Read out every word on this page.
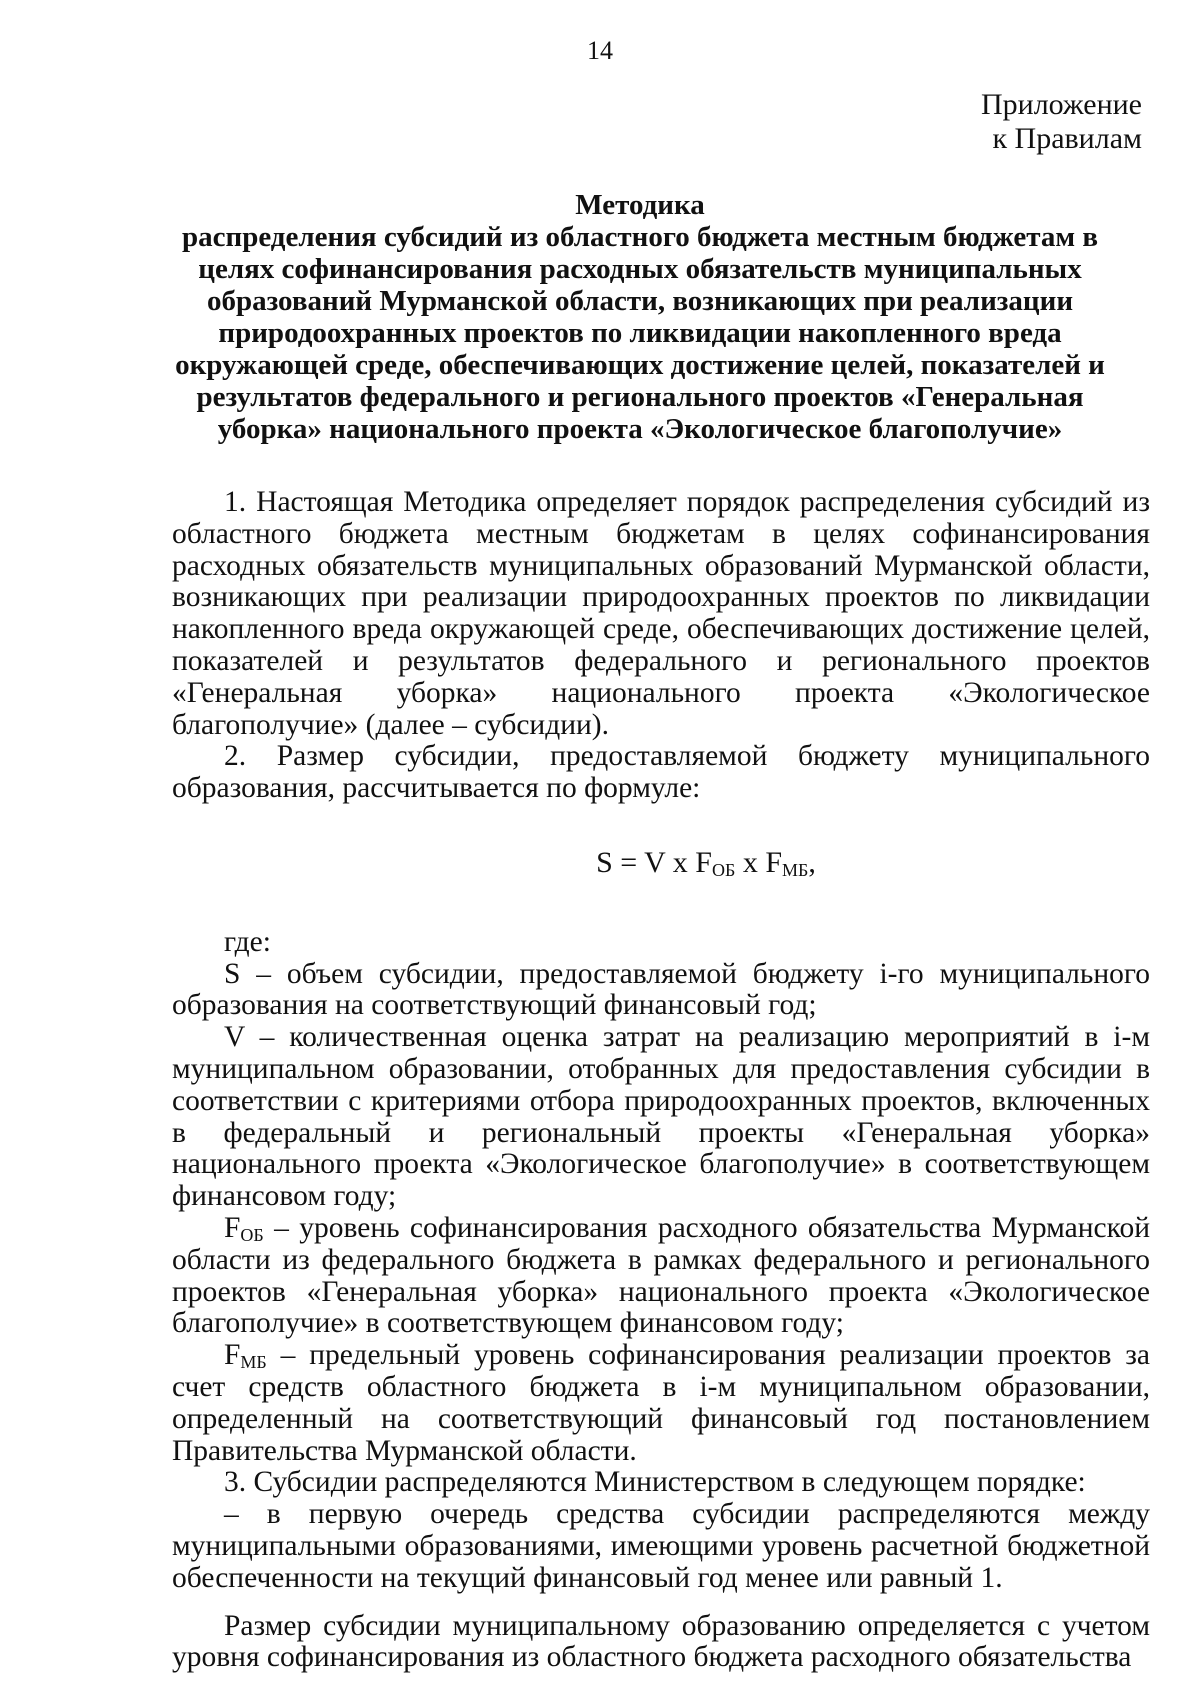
14
Приложение
к Правилам
Методика
распределения субсидий из областного бюджета местным бюджетам в
целях софинансирования расходных обязательств муниципальных
образований Мурманской области, возникающих при реализации
природоохранных проектов по ликвидации накопленного вреда
окружающей среде, обеспечивающих достижение целей, показателей и
результатов федерального и регионального проектов «Генеральная
уборка» национального проекта «Экологическое благополучие»

1. Настоящая Методика определяет порядок распределения субсидий из областного бюджета местным бюджетам в целях софинансирования расходных обязательств муниципальных образований Мурманской области, возникающих при реализации природоохранных проектов по ликвидации накопленного вреда окружающей среде, обеспечивающих достижение целей, показателей и результатов федерального и регионального проектов «Генеральная уборка» национального проекта «Экологическое благополучие» (далее – субсидии).

2. Размер субсидии, предоставляемой бюджету муниципального образования, рассчитывается по формуле:

S = V x $F_{ОБ}$ x $F_{МБ}$,

где:

S – объем субсидии, предоставляемой бюджету i-го муниципального образования на соответствующий финансовый год;

V – количественная оценка затрат на реализацию мероприятий в i-м муниципальном образовании, отобранных для предоставления субсидии в соответствии с критериями отбора природоохранных проектов, включенных в федеральный и региональный проекты «Генеральная уборка» национального проекта «Экологическое благополучие» в соответствующем финансовом году;

$F_{ОБ}$ – уровень софинансирования расходного обязательства Мурманской области из федерального бюджета в рамках федерального и регионального проектов «Генеральная уборка» национального проекта «Экологическое благополучие» в соответствующем финансовом году;

$F_{МБ}$ – предельный уровень софинансирования реализации проектов за счет средств областного бюджета в i-м муниципальном образовании, определенный на соответствующий финансовый год постановлением Правительства Мурманской области.

3. Субсидии распределяются Министерством в следующем порядке:

– в первую очередь средства субсидии распределяются между муниципальными образованиями, имеющими уровень расчетной бюджетной обеспеченности на текущий финансовый год менее или равный 1.

Размер субсидии муниципальному образованию определяется с учетом уровня софинансирования из областного бюджета расходного обязательства
